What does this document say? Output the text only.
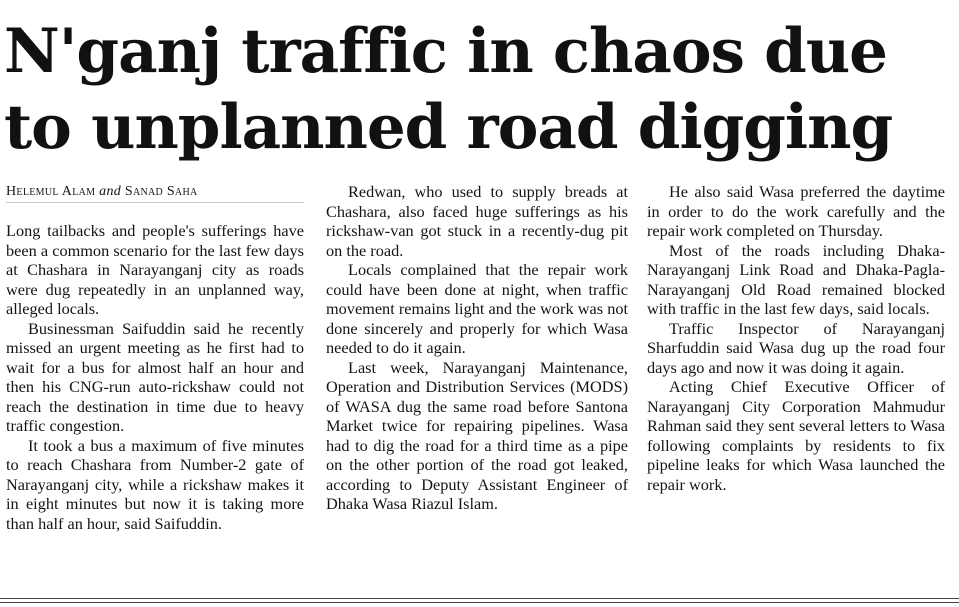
N'ganj traffic in chaos due to unplanned road digging
Helemul Alam and Sanad Saha

Long tailbacks and people's sufferings have been a common scenario for the last few days at Chashara in Narayanganj city as roads were dug repeatedly in an unplanned way, alleged locals.

Businessman Saifuddin said he recently missed an urgent meeting as he first had to wait for a bus for almost half an hour and then his CNG-run auto-rickshaw could not reach the destination in time due to heavy traffic congestion.

It took a bus a maximum of five minutes to reach Chashara from Number-2 gate of Narayanganj city, while a rickshaw makes it in eight minutes but now it is taking more than half an hour, said Saifuddin.

Redwan, who used to supply breads at Chashara, also faced huge sufferings as his rickshaw-van got stuck in a recently-dug pit on the road.

Locals complained that the repair work could have been done at night, when traffic movement remains light and the work was not done sincerely and properly for which Wasa needed to do it again.

Last week, Narayanganj Maintenance, Operation and Distribution Services (MODS) of WASA dug the same road before Santona Market twice for repairing pipelines. Wasa had to dig the road for a third time as a pipe on the other portion of the road got leaked, according to Deputy Assistant Engineer of Dhaka Wasa Riazul Islam.

He also said Wasa preferred the daytime in order to do the work carefully and the repair work completed on Thursday.

Most of the roads including Dhaka-Narayanganj Link Road and Dhaka-Pagla-Narayanganj Old Road remained blocked with traffic in the last few days, said locals.

Traffic Inspector of Narayanganj Sharfuddin said Wasa dug up the road four days ago and now it was doing it again.

Acting Chief Executive Officer of Narayanganj City Corporation Mahmudur Rahman said they sent several letters to Wasa following complaints by residents to fix pipeline leaks for which Wasa launched the repair work.
